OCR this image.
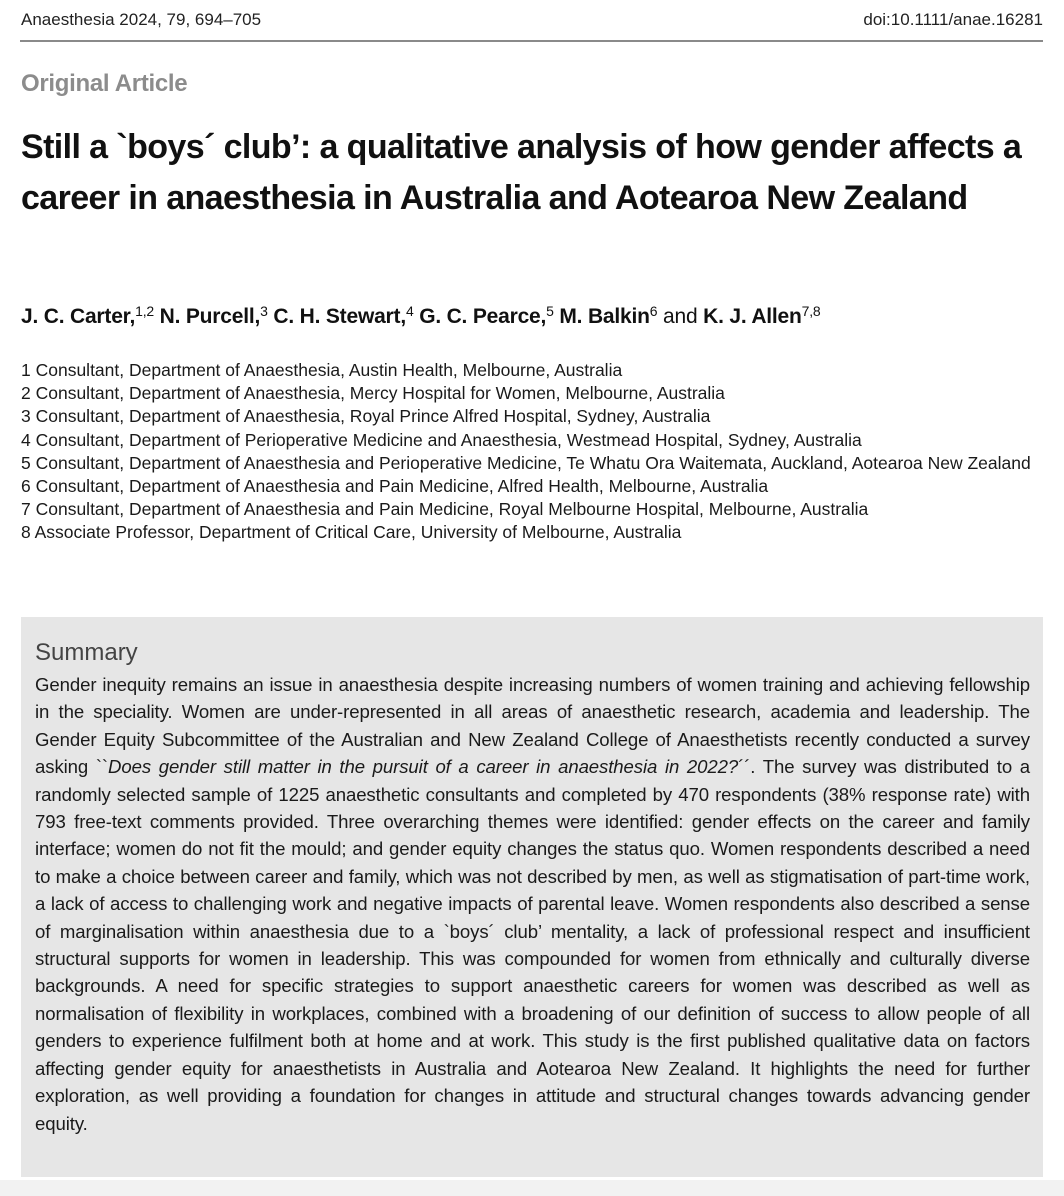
Anaesthesia 2024, 79, 694–705	doi:10.1111/anae.16281
Original Article
Still a `boys´ club’: a qualitative analysis of how gender affects a career in anaesthesia in Australia and Aotearoa New Zealand
J. C. Carter,$^{1,2}$ N. Purcell,$^3$ C. H. Stewart,$^4$ G. C. Pearce,$^5$ M. Balkin$^6$ and K. J. Allen$^{7,8}$
1 Consultant, Department of Anaesthesia, Austin Health, Melbourne, Australia
2 Consultant, Department of Anaesthesia, Mercy Hospital for Women, Melbourne, Australia
3 Consultant, Department of Anaesthesia, Royal Prince Alfred Hospital, Sydney, Australia
4 Consultant, Department of Perioperative Medicine and Anaesthesia, Westmead Hospital, Sydney, Australia
5 Consultant, Department of Anaesthesia and Perioperative Medicine, Te Whatu Ora Waitemata, Auckland, Aotearoa New Zealand
6 Consultant, Department of Anaesthesia and Pain Medicine, Alfred Health, Melbourne, Australia
7 Consultant, Department of Anaesthesia and Pain Medicine, Royal Melbourne Hospital, Melbourne, Australia
8 Associate Professor, Department of Critical Care, University of Melbourne, Australia
Summary

Gender inequity remains an issue in anaesthesia despite increasing numbers of women training and achieving fellowship in the speciality. Women are under-represented in all areas of anaesthetic research, academia and leadership. The Gender Equity Subcommittee of the Australian and New Zealand College of Anaesthetists recently conducted a survey asking ``Does gender still matter in the pursuit of a career in anaesthesia in 2022?´´. The survey was distributed to a randomly selected sample of 1225 anaesthetic consultants and completed by 470 respondents (38% response rate) with 793 free-text comments provided. Three overarching themes were identified: gender effects on the career and family interface; women do not fit the mould; and gender equity changes the status quo. Women respondents described a need to make a choice between career and family, which was not described by men, as well as stigmatisation of part-time work, a lack of access to challenging work and negative impacts of parental leave. Women respondents also described a sense of marginalisation within anaesthesia due to a `boys´ club’ mentality, a lack of professional respect and insufficient structural supports for women in leadership. This was compounded for women from ethnically and culturally diverse backgrounds. A need for specific strategies to support anaesthetic careers for women was described as well as normalisation of flexibility in workplaces, combined with a broadening of our definition of success to allow people of all genders to experience fulfilment both at home and at work. This study is the first published qualitative data on factors affecting gender equity for anaesthetists in Australia and Aotearoa New Zealand. It highlights the need for further exploration, as well providing a foundation for changes in attitude and structural changes towards advancing gender equity.
